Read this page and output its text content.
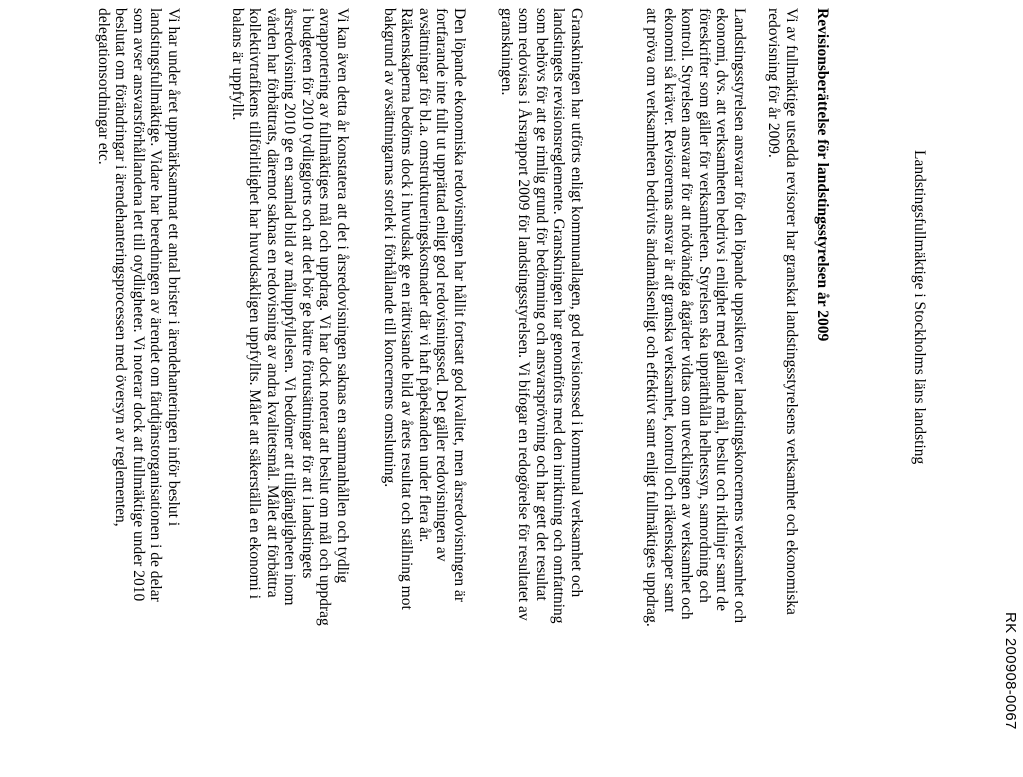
RK 200908-0067
Landstingsfullmäktige i Stockholms läns landsting
Revisionsberättelse för landstingsstyrelsen år 2009
Vi av fullmäktige utsedda revisorer har granskat landstingsstyrelsens verksamhet och ekonomiska
redovisning för år 2009.
Landstingsstyrelsen ansvarar för den löpande uppsikten över landstingskoncernens verksamhet och
ekonomi, dvs. att verksamheten bedrivs i enlighet med gällande mål, beslut och riktlinjer samt de
föreskrifter som gäller för verksamheten. Styrelsen ska upprätthålla helhetssyn, samordning och
kontroll. Styrelsen ansvarar för att nödvändiga åtgärder vidtas om utvecklingen av verksamhet och
ekonomi så kräver. Revisorernas ansvar är att granska verksamhet, kontroll och räkenskaper samt
att pröva om verksamheten bedrivits ändamålsenligt och effektivt samt enligt fullmäktiges uppdrag.
Granskningen har utförts enligt kommunallagen, god revisionssed i kommunal verksamhet och
landstingets revisionsreglemente. Granskningen har genomförts med den inriktning och omfattning
som behövs för att ge rimlig grund för bedömning och ansvarsprövning och har gett det resultat
som redovisas i Årsrapport 2009 för landstingsstyrelsen. Vi bifogar en redogörelse för resultatet av
granskningen.
Den löpande ekonomiska redovisningen har hållit fortsatt god kvalitet, men årsredovisningen är
fortfarande inte fullt ut upprättad enligt god redovisningssed. Det gäller redovisningen av
avsättningar för bl.a. omstruktureringskostnader där vi haft påpekanden under flera år.
Räkenskaperna bedöms dock i huvudsak ge en rättvisande bild av årets resultat och ställning mot
bakgrund av avsättningarnas storlek i förhållande till koncernens omslutning.
Vi kan även detta år konstatera att det i årsredovisningen saknas en sammanhållen och tydlig
avrapportering av fullmäktiges mål och uppdrag. Vi har dock noterat att beslut om mål och uppdrag
i budgeten för 2010 tydliggjorts och att det bör ge bättre förutsättningar för att i landstingets
årsredovisning 2010 ge en samlad bild av måluppfyllelsen. Vi bedömer att tillgängligheten inom
vården har förbättrats, däremot saknas en redovisning av andra kvalitetsmål. Målet att förbättra
kollektivtrafikens tillförlitlighet har huvudsakligen uppfyllts. Målet att säkerställa en ekonomi i
balans är uppfyllt.
Vi har under året uppmärksammat ett antal brister i ärendehanteringen inför beslut i
landstingsfullmäktige. Vidare har beredningen av ärendet om färdtjänstorganisationen i de delar
som avser ansvarsförhållandena lett till otydligheter. Vi noterar dock att fullmäktige under 2010
beslutat om förändringar i ärendehanteringsprocessen med översyn av reglementen,
delegationsordningar etc.
